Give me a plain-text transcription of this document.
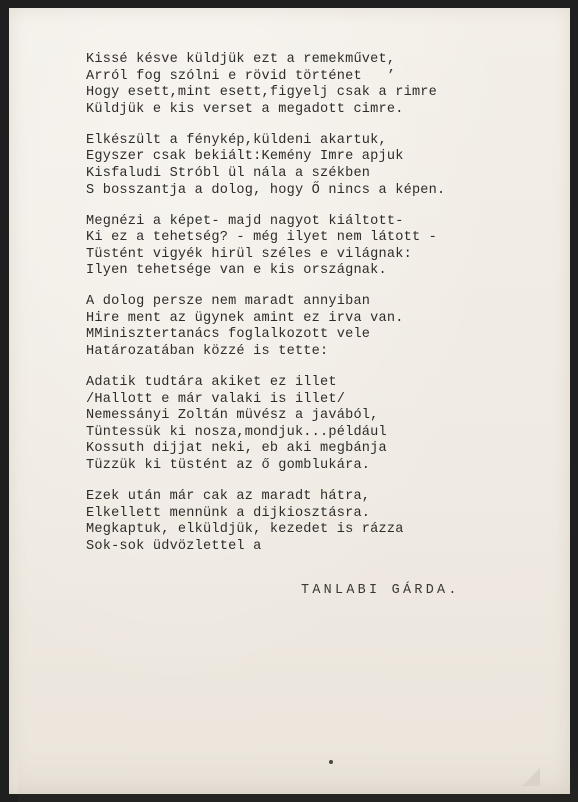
Kissé késve küldjük ezt a remekművet,
Arról fog szólni e rövid történet   ’
Hogy esett,mint esett,figyelj csak a rimre
Küldjük e kis verset a megadott cimre.
Elkészült a fénykép,küldeni akartuk,
Egyszer csak bekiált:Kemény Imre apjuk
Kisfaludi Stróbl ül nála a székben
S bosszantja a dolog, hogy Ő nincs a képen.
Megnézi a képet- majd nagyot kiáltott-
Ki ez a tehetség? - még ilyet nem látott -
Tüstént vigyék hirül széles e világnak:
Ilyen tehetsége van e kis országnak.
A dolog persze nem maradt annyiban
Hire ment az ügynek amint ez irva van.
MMinisztertanács foglalkozott vele
Határozatában közzé is tette:
Adatik tudtára akiket ez illet
/Hallott e már valaki is illet/
Nemessányi Zoltán müvész a javából,
Tüntessük ki nosza,mondjuk...például
Kossuth dijjat neki, eb aki megbánja
Tüzzük ki tüstént az ő gomblukára.
Ezek után már cak az maradt hátra,
Elkellett mennünk a dijkiosztásra.
Megkaptuk, elküldjük, kezedet is rázza
Sok-sok üdvözlettel a
TANLABI GÁRDA.
